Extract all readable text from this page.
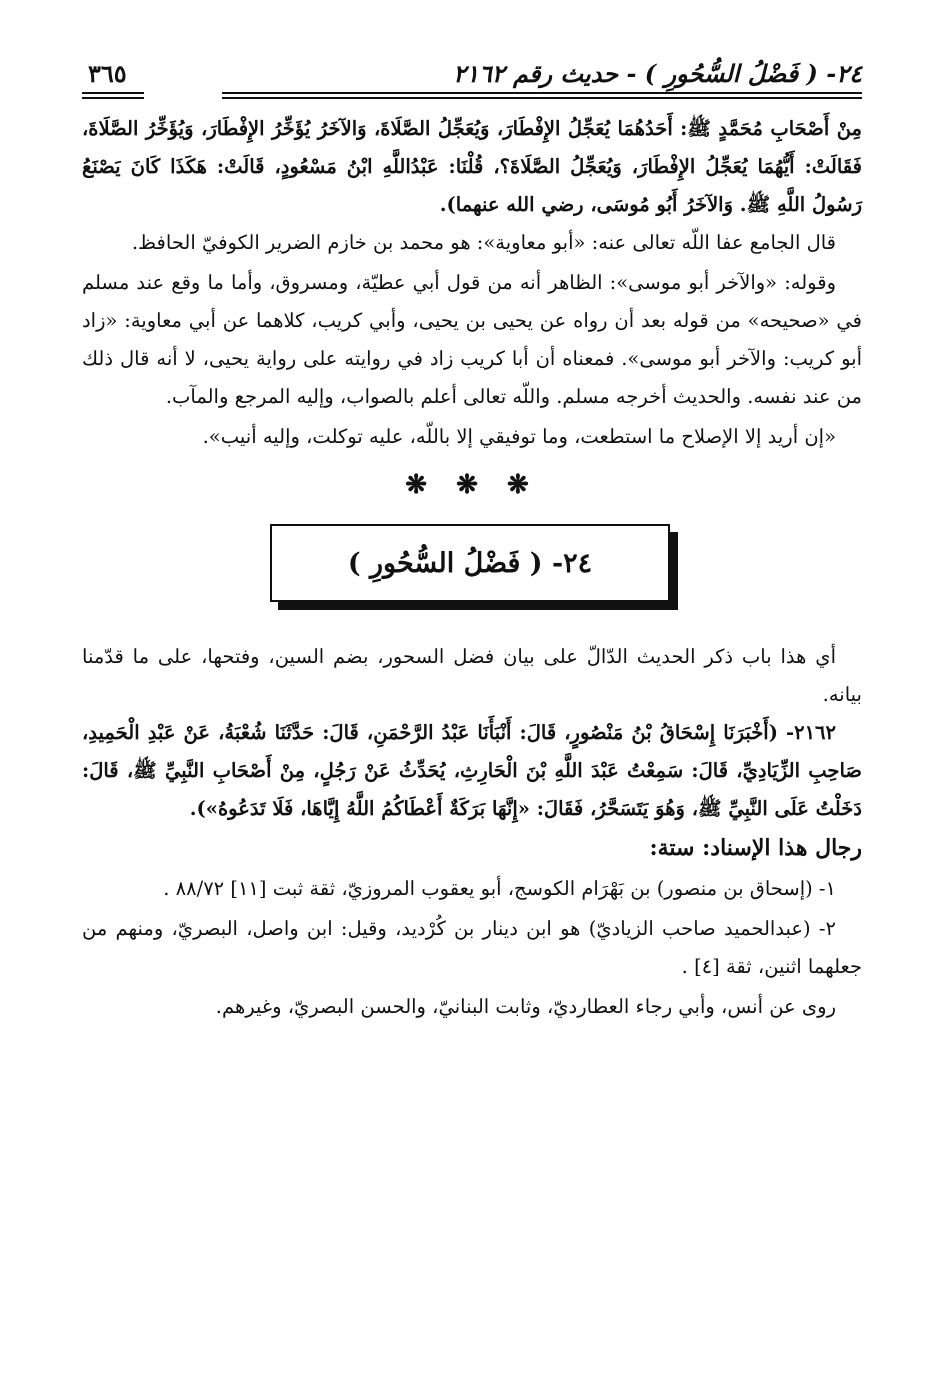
٢٤- ( فَضْلُ السُّحُورِ ) - حديث رقم ٢١٦٢
٣٦٥

مِنْ أَصْحَابِ مُحَمَّدٍ ﷺ: أَحَدُهُمَا يُعَجِّلُ الإِفْطَارَ، وَيُعَجِّلُ الصَّلَاةَ، وَالآخَرُ يُؤَخِّرُ الإِفْطَارَ، وَيُؤَخِّرُ الصَّلَاةَ، فَقَالَتْ: أَيُّهُمَا يُعَجِّلُ الإِفْطَارَ، وَيُعَجِّلُ الصَّلَاةَ؟، قُلْنَا: عَبْدُاللَّهِ ابْنُ مَسْعُودٍ، قَالَتْ: هَكَذَا كَانَ يَصْنَعُ رَسُولُ اللَّهِ ﷺ. وَالآخَرُ أَبُو مُوسَى، رضي الله عنهما).

قال الجامع عفا اللّه تعالى عنه: «أبو معاوية»: هو محمد بن خازم الضرير الكوفيّ الحافظ.

وقوله: «والآخر أبو موسى»: الظاهر أنه من قول أبي عطيّة، ومسروق، وأما ما وقع عند مسلم في «صحيحه» من قوله بعد أن رواه عن يحيى بن يحيى، وأبي كريب، كلاهما عن أبي معاوية: «زاد أبو كريب: والآخر أبو موسى». فمعناه أن أبا كريب زاد في روايته على رواية يحيى، لا أنه قال ذلك من عند نفسه. والحديث أخرجه مسلم. واللّه تعالى أعلم بالصواب، وإليه المرجع والمآب.

«إن أريد إلا الإصلاح ما استطعت، وما توفيقي إلا باللّه، عليه توكلت، وإليه أنيب».

❋ ❋ ❋
٢٤- ( فَضْلُ السُّحُورِ )

أي هذا باب ذكر الحديث الدّالّ على بيان فضل السحور، بضم السين، وفتحها، على ما قدّمنا بيانه.

٢١٦٢- (أَخْبَرَنَا إِسْحَاقُ بْنُ مَنْصُورٍ، قَالَ: أَنْبَأَنَا عَبْدُ الرَّحْمَنِ، قَالَ: حَدَّثَنَا شُعْبَةُ، عَنْ عَبْدِ الْحَمِيدِ، صَاحِبِ الزِّيَادِيِّ، قَالَ: سَمِعْتُ عَبْدَ اللَّهِ بْنَ الْحَارِثِ، يُحَدِّثُ عَنْ رَجُلٍ، مِنْ أَصْحَابِ النَّبِيِّ ﷺ، قَالَ: دَخَلْتُ عَلَى النَّبِيِّ ﷺ، وَهُوَ يَتَسَحَّرُ، فَقَالَ: «إِنَّهَا بَرَكَةٌ أَعْطَاكُمُ اللَّهُ إِيَّاهَا، فَلَا تَدَعُوهُ»).

رجال هذا الإسناد: ستة:

١- (إسحاق بن منصور) بن بَهْرَام الكوسج، أبو يعقوب المروزيّ، ثقة ثبت [١١] ٨٨/٧٢ .

٢- (عبدالحميد صاحب الزياديّ) هو ابن دينار بن كُرْديد، وقيل: ابن واصل، البصريّ، ومنهم من جعلهما اثنين، ثقة [٤] .

روى عن أنس، وأبي رجاء العطارديّ، وثابت البنانيّ، والحسن البصريّ، وغيرهم.
